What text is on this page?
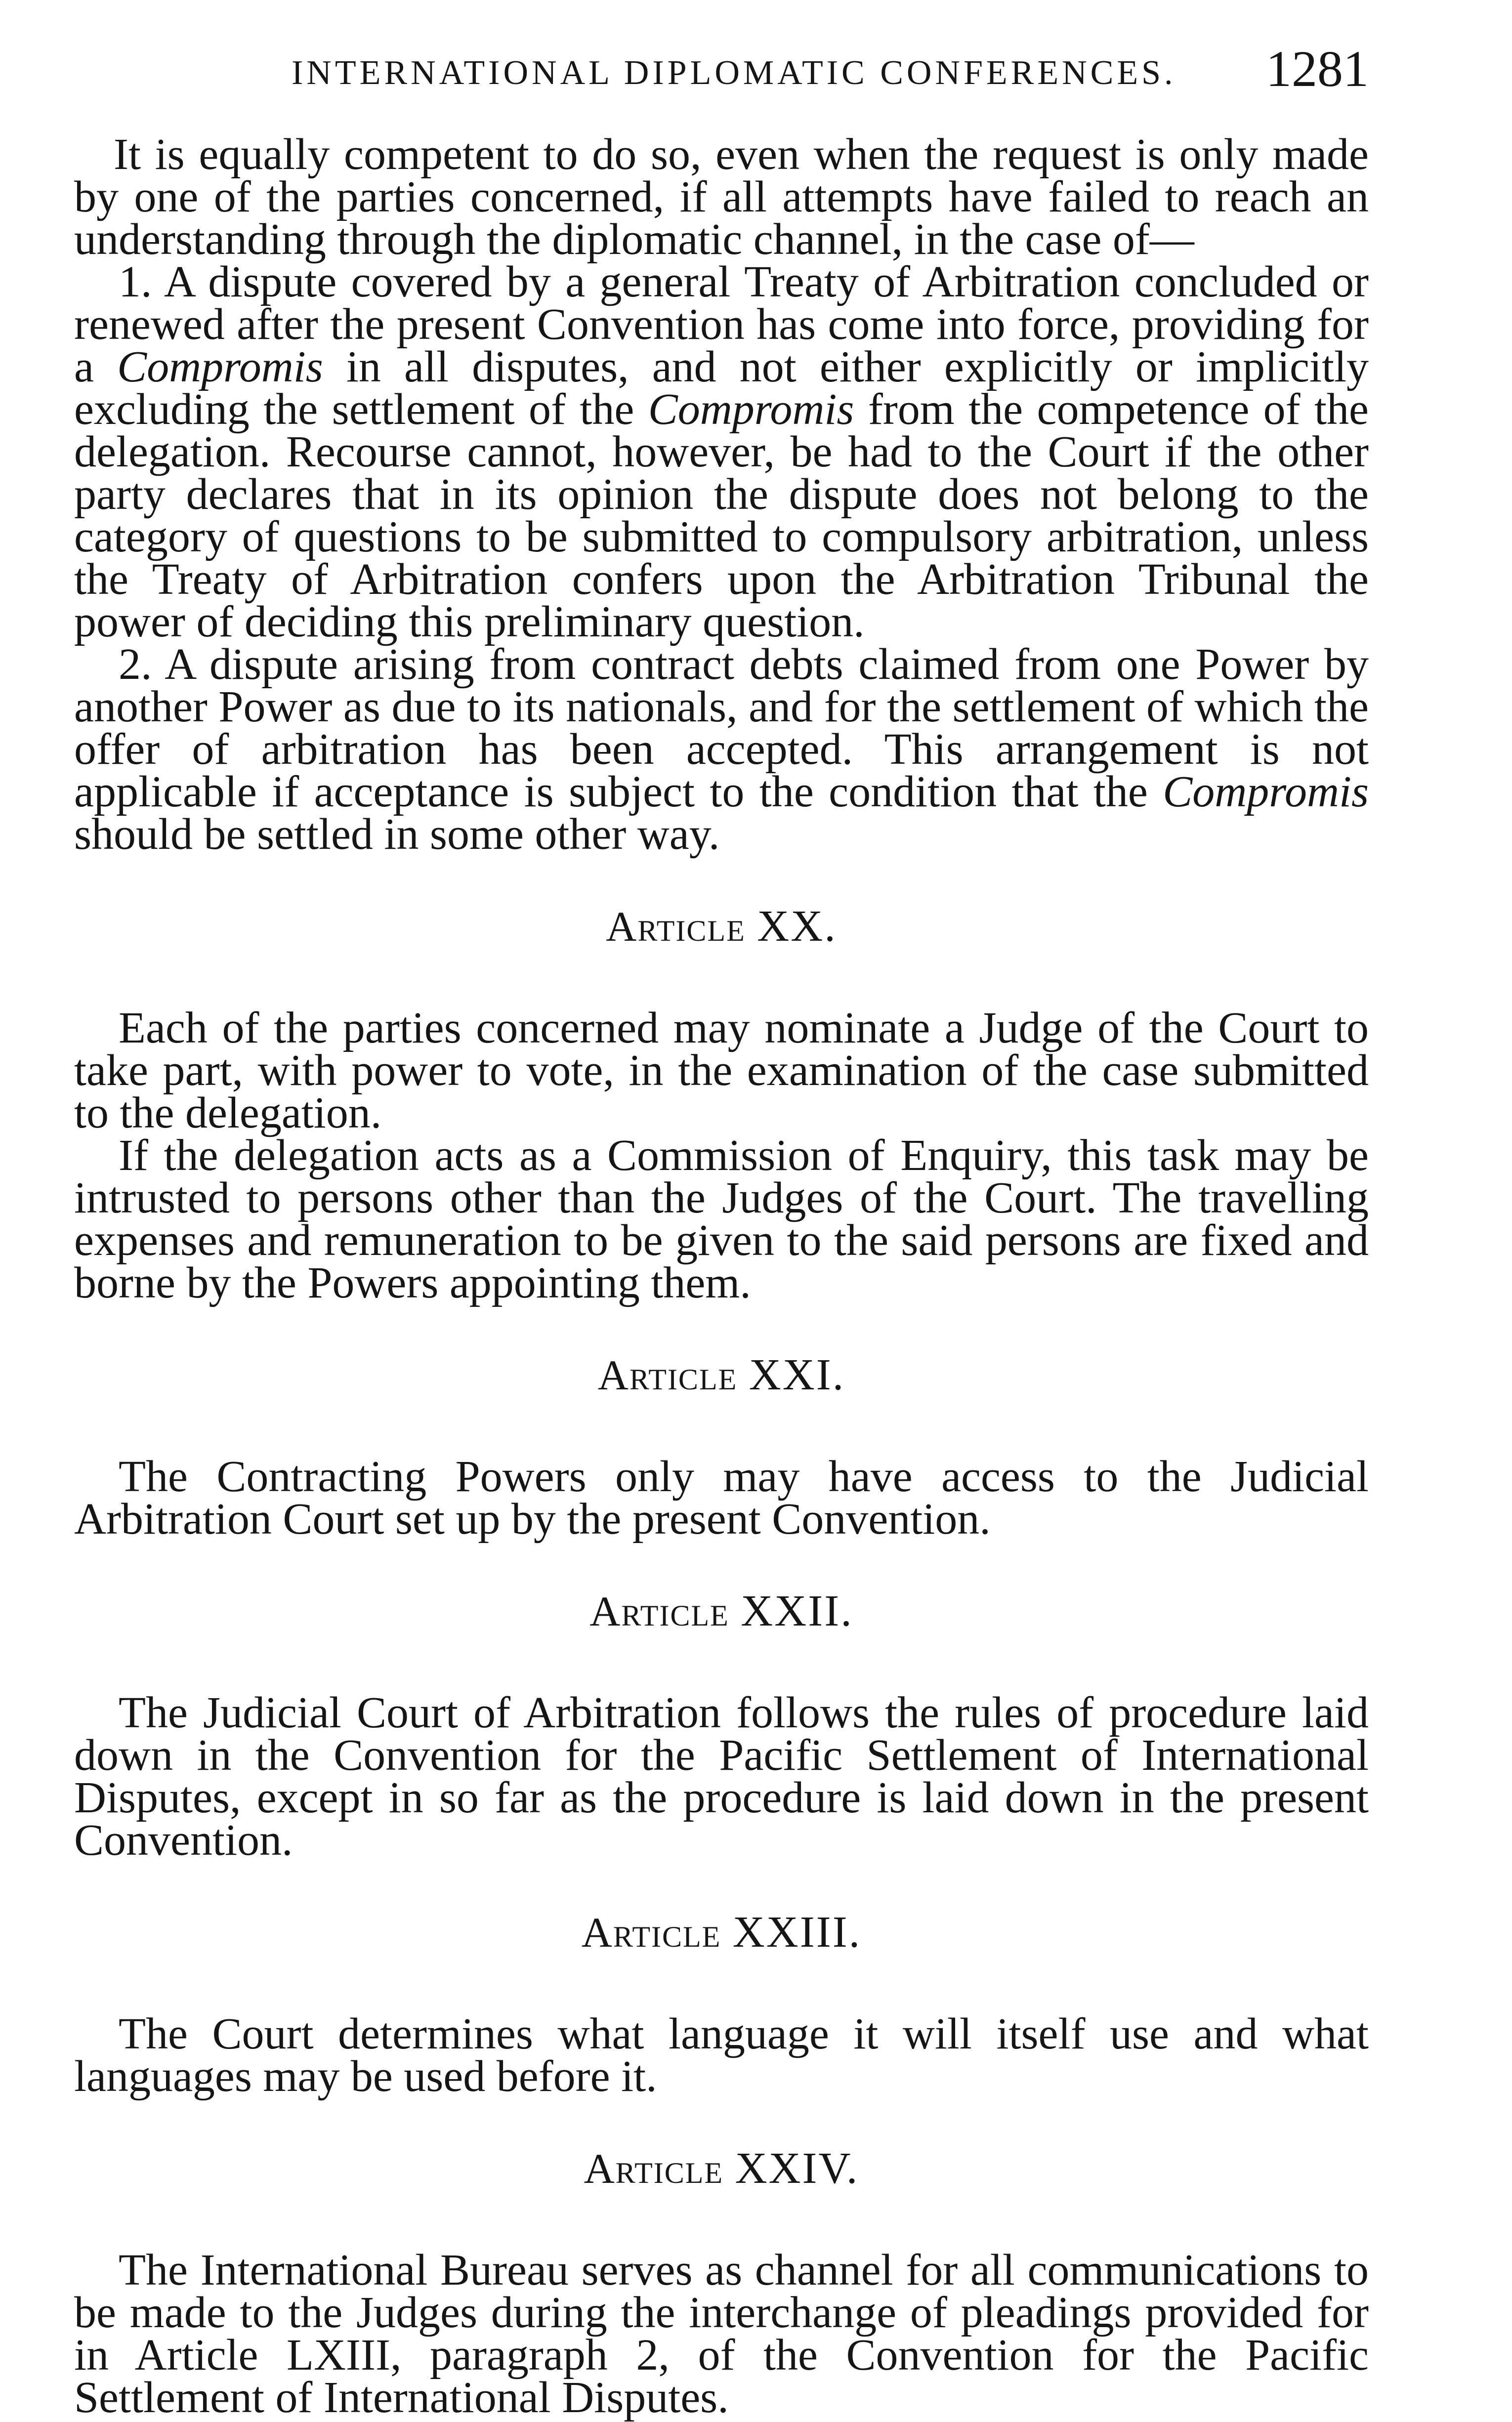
INTERNATIONAL DIPLOMATIC CONFERENCES. 1281

It is equally competent to do so, even when the request is only made by one of the parties concerned, if all attempts have failed to reach an understanding through the diplomatic channel, in the case of—

1. A dispute covered by a general Treaty of Arbitration concluded or renewed after the present Convention has come into force, providing for a Compromis in all disputes, and not either explicitly or implicitly excluding the settlement of the Compromis from the competence of the delegation. Recourse cannot, however, be had to the Court if the other party declares that in its opinion the dispute does not belong to the category of questions to be submitted to compulsory arbitration, unless the Treaty of Arbitration confers upon the Arbitration Tribunal the power of deciding this preliminary question.

2. A dispute arising from contract debts claimed from one Power by another Power as due to its nationals, and for the settlement of which the offer of arbitration has been accepted. This arrangement is not applicable if acceptance is subject to the condition that the Compromis should be settled in some other way.

Article XX.

Each of the parties concerned may nominate a Judge of the Court to take part, with power to vote, in the examination of the case submitted to the delegation.

If the delegation acts as a Commission of Enquiry, this task may be intrusted to persons other than the Judges of the Court. The travelling expenses and remuneration to be given to the said persons are fixed and borne by the Powers appointing them.

Article XXI.

The Contracting Powers only may have access to the Judicial Arbitration Court set up by the present Convention.

Article XXII.

The Judicial Court of Arbitration follows the rules of procedure laid down in the Convention for the Pacific Settlement of International Disputes, except in so far as the procedure is laid down in the present Convention.

Article XXIII.

The Court determines what language it will itself use and what languages may be used before it.

Article XXIV.

The International Bureau serves as channel for all communications to be made to the Judges during the interchange of pleadings provided for in Article LXIII, paragraph 2, of the Convention for the Pacific Settlement of International Disputes.
